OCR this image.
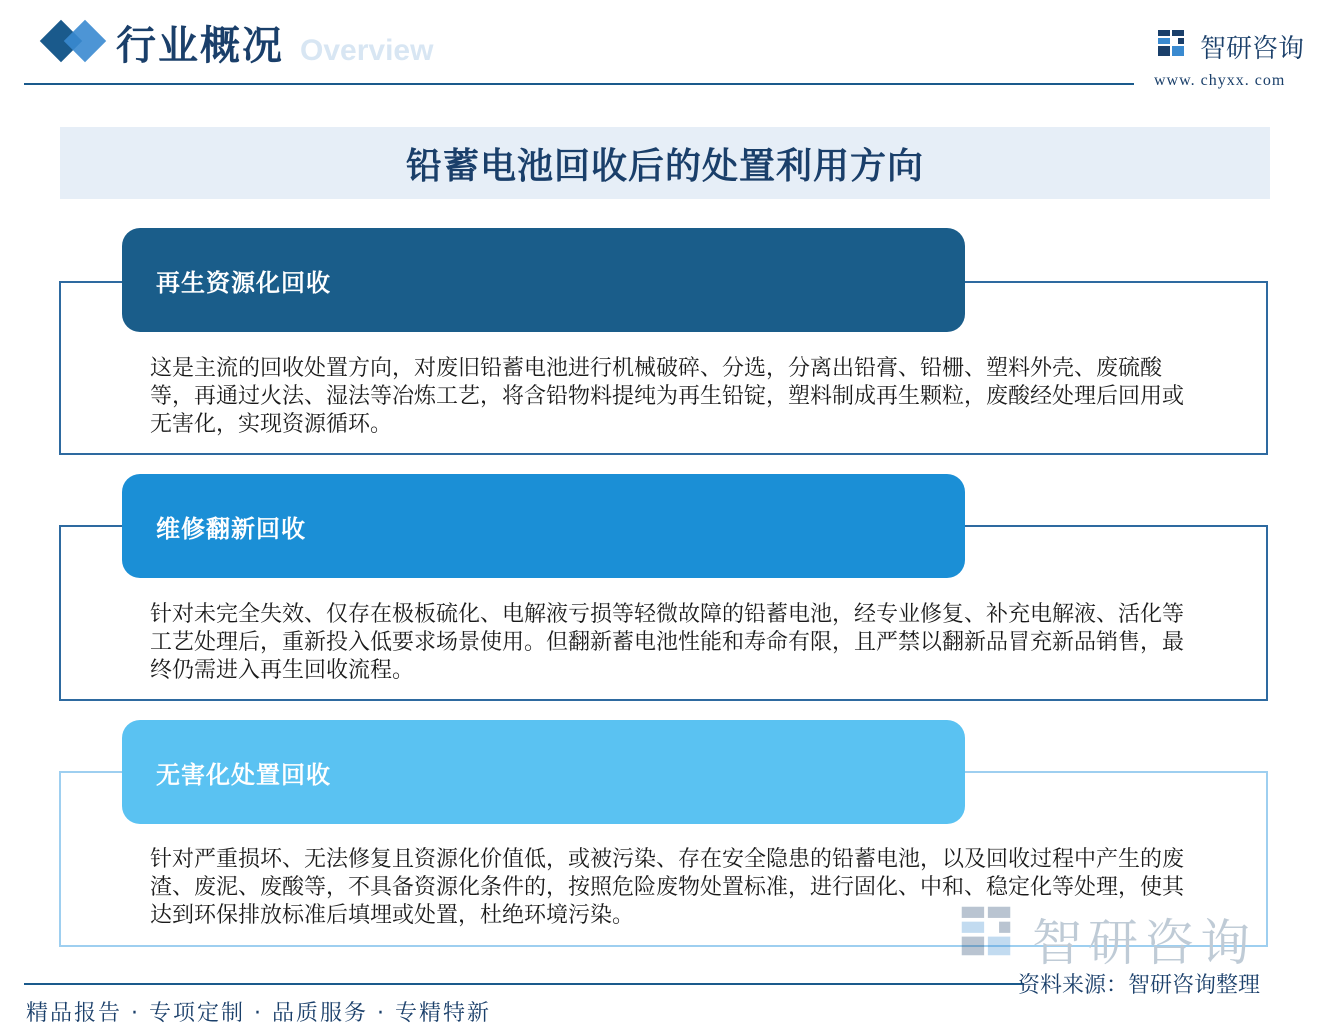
Overview
行业概况	智研咨询
www. chyxx. com
铅蓄电池回收后的处置利用方向
再生资源化回收
这是主流的回收处置方向，对废旧铅蓄电池进行机械破碎、分选，分离出铅膏、铅栅、塑料外壳、废硫酸等，再通过火法、湿法等冶炼工艺，将含铅物料提纯为再生铅锭，塑料制成再生颗粒，废酸经处理后回用或无害化，实现资源循环。
维修翻新回收
针对未完全失效、仅存在极板硫化、电解液亏损等轻微故障的铅蓄电池，经专业修复、补充电解液、活化等工艺处理后，重新投入低要求场景使用。但翻新蓄电池性能和寿命有限，且严禁以翻新品冒充新品销售，最终仍需进入再生回收流程。
无害化处置回收
针对严重损坏、无法修复且资源化价值低，或被污染、存在安全隐患的铅蓄电池，以及回收过程中产生的废渣、废泥、废酸等，不具备资源化条件的，按照危险废物处置标准，进行固化、中和、稳定化等处理，使其达到环保排放标准后填埋或处置，杜绝环境污染。	智研咨询
资料来源：智研咨询整理
精品报告 · 专项定制 · 品质服务 · 专精特新
